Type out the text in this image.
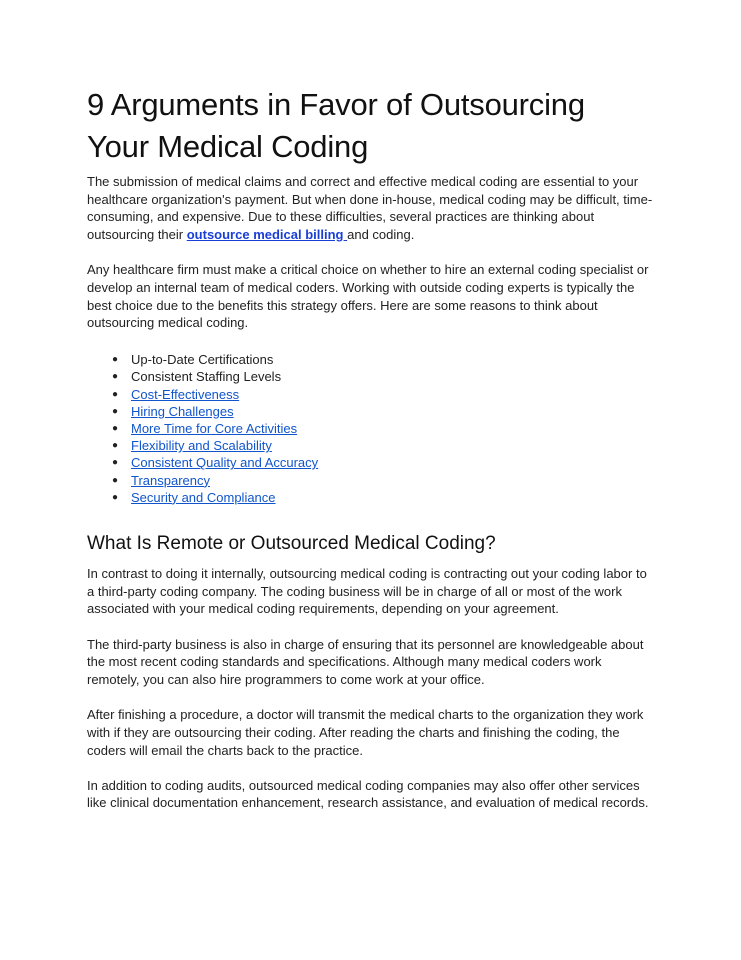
9 Arguments in Favor of Outsourcing Your Medical Coding

The submission of medical claims and correct and effective medical coding are essential to your healthcare organization's payment. But when done in-house, medical coding may be difficult, time-consuming, and expensive. Due to these difficulties, several practices are thinking about outsourcing their outsource medical billing and coding.

Any healthcare firm must make a critical choice on whether to hire an external coding specialist or develop an internal team of medical coders. Working with outside coding experts is typically the best choice due to the benefits this strategy offers. Here are some reasons to think about outsourcing medical coding.

● Up-to-Date Certifications
● Consistent Staffing Levels
● Cost-Effectiveness
● Hiring Challenges
● More Time for Core Activities
● Flexibility and Scalability
● Consistent Quality and Accuracy
● Transparency
● Security and Compliance
What Is Remote or Outsourced Medical Coding?

In contrast to doing it internally, outsourcing medical coding is contracting out your coding labor to a third-party coding company. The coding business will be in charge of all or most of the work associated with your medical coding requirements, depending on your agreement.

The third-party business is also in charge of ensuring that its personnel are knowledgeable about the most recent coding standards and specifications. Although many medical coders work remotely, you can also hire programmers to come work at your office.

After finishing a procedure, a doctor will transmit the medical charts to the organization they work with if they are outsourcing their coding. After reading the charts and finishing the coding, the coders will email the charts back to the practice.

In addition to coding audits, outsourced medical coding companies may also offer other services like clinical documentation enhancement, research assistance, and evaluation of medical records.
